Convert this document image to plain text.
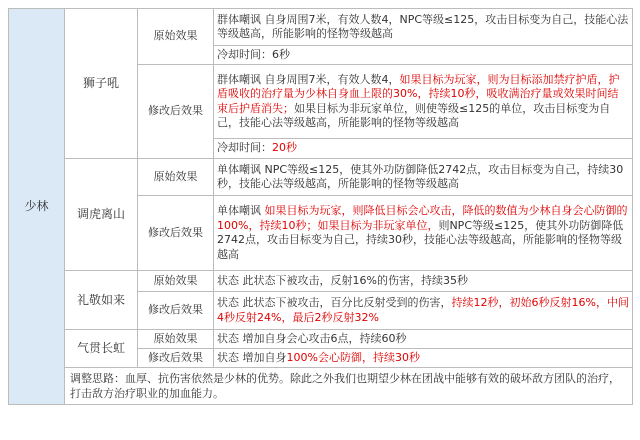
少林	狮子吼	原始效果	群体嘲讽 自身周围7米，有效人数4，NPC等级≤125，攻击目标变为自己，技能心法等级越高，所能影响的怪物等级越高
			冷却时间：6秒
		修改后效果	群体嘲讽 自身周围7米，有效人数4，如果目标为玩家，则为目标添加禁疗护盾，护盾吸收的治疗量为少林自身血上限的30%，持续10秒，吸收满治疗量或效果时间结束后护盾消失；如果目标为非玩家单位，则使等级≤125的单位，攻击目标变为自己，技能心法等级越高，所能影响的怪物等级越高
			冷却时间：20秒
	调虎离山	原始效果	单体嘲讽 NPC等级≤125，使其外功防御降低2742点，攻击目标变为自己，持续30秒，技能心法等级越高，所能影响的怪物等级越高
		修改后效果	单体嘲讽 如果目标为玩家，则降低目标会心攻击，降低的数值为少林自身会心防御的100%，持续10秒；如果目标为非玩家单位，则NPC等级≤125，使其外功防御降低2742点，攻击目标变为自己，持续30秒，技能心法等级越高，所能影响的怪物等级越高
	礼敬如来	原始效果	状态 此状态下被攻击，反射16%的伤害，持续35秒
		修改后效果	状态 此状态下被攻击，百分比反射受到的伤害，持续12秒，初始6秒反射16%，中间4秒反射24%，最后2秒反射32%
	气贯长虹	原始效果	状态 增加自身会心攻击6点，持续60秒
		修改后效果	状态 增加自身100%会心防御，持续30秒
	调整思路：血厚、抗伤害依然是少林的优势。除此之外我们也期望少林在团战中能够有效的破坏敌方团队的治疗，打击敌方治疗职业的加血能力。		
